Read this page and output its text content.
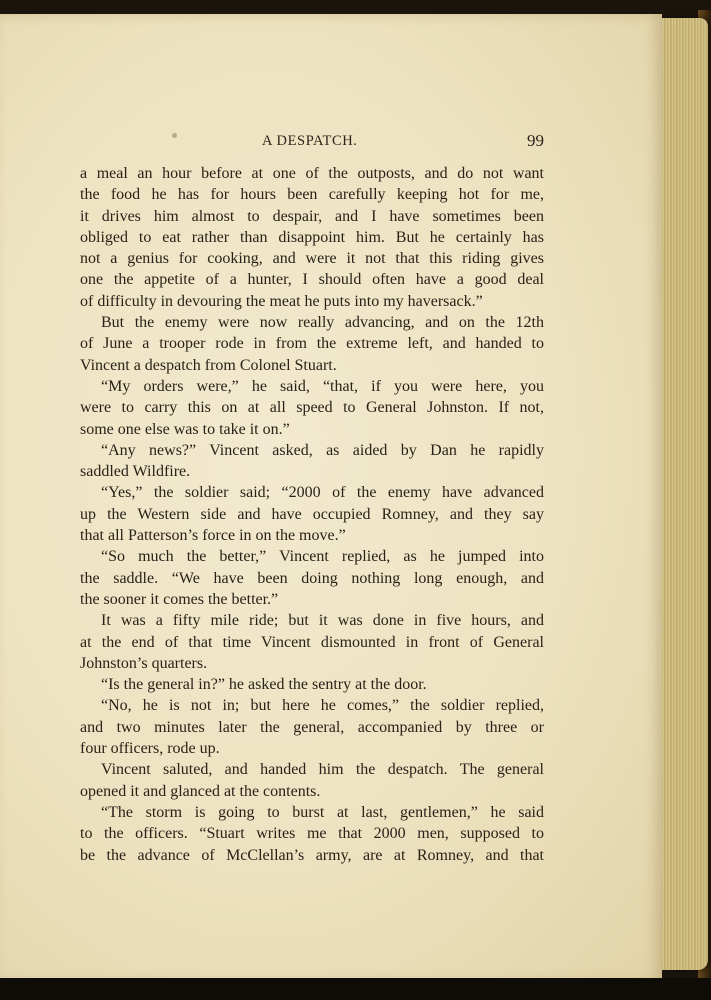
A DESPATCH.	99
a meal an hour before at one of the outposts, and do not want
the food he has for hours been carefully keeping hot for me,
it drives him almost to despair, and I have sometimes been
obliged to eat rather than disappoint him. But he certainly has
not a genius for cooking, and were it not that this riding gives
one the appetite of a hunter, I should often have a good deal
of difficulty in devouring the meat he puts into my haversack.”
But the enemy were now really advancing, and on the 12th
of June a trooper rode in from the extreme left, and handed to
Vincent a despatch from Colonel Stuart.
“My orders were,” he said, “that, if you were here, you
were to carry this on at all speed to General Johnston. If not,
some one else was to take it on.”
“Any news?” Vincent asked, as aided by Dan he rapidly
saddled Wildfire.
“Yes,” the soldier said; “2000 of the enemy have advanced
up the Western side and have occupied Romney, and they say
that all Patterson’s force in on the move.”
“So much the better,” Vincent replied, as he jumped into
the saddle. “We have been doing nothing long enough, and
the sooner it comes the better.”
It was a fifty mile ride; but it was done in five hours, and
at the end of that time Vincent dismounted in front of General
Johnston’s quarters.
“Is the general in?” he asked the sentry at the door.
“No, he is not in; but here he comes,” the soldier replied,
and two minutes later the general, accompanied by three or
four officers, rode up.
Vincent saluted, and handed him the despatch. The general
opened it and glanced at the contents.
“The storm is going to burst at last, gentlemen,” he said
to the officers. “Stuart writes me that 2000 men, supposed to
be the advance of McClellan’s army, are at Romney, and that
